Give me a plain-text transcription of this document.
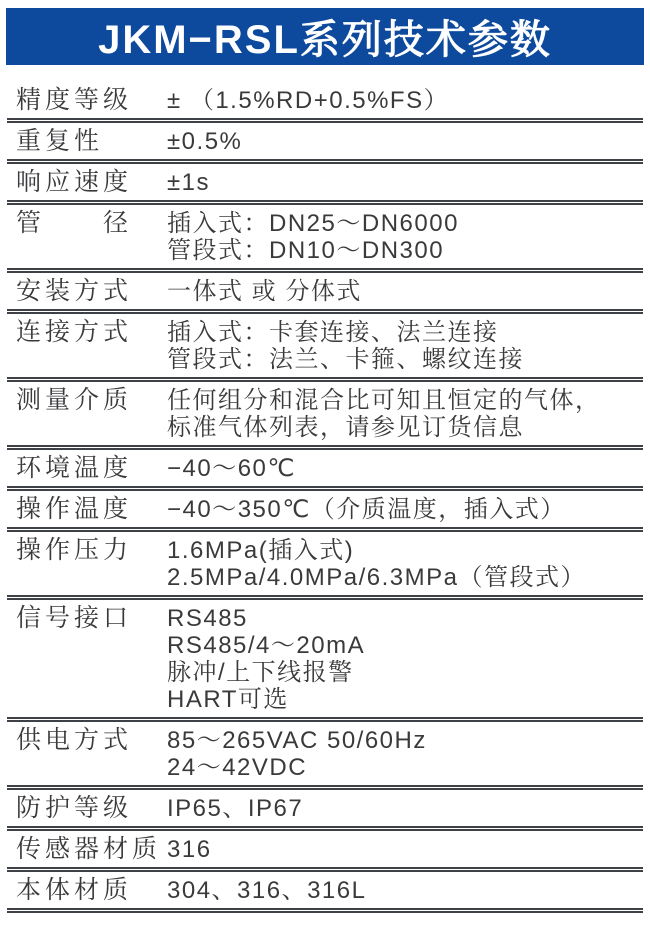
JKM−RSL系列技术参数
精度等级	± （1.5%RD+0.5%FS）
重复性	±0.5%
响应速度	±1s
管　　径	插入式：DN25～DN6000
管段式：DN10～DN300
安装方式	一体式 或 分体式
连接方式	插入式：卡套连接、法兰连接
管段式：法兰、卡箍、螺纹连接
测量介质	任何组分和混合比可知且恒定的气体，
标准气体列表，请参见订货信息
环境温度	−40～60℃
操作温度	−40～350℃（介质温度，插入式）
操作压力	1.6MPa(插入式)
2.5MPa/4.0MPa/6.3MPa（管段式）
信号接口	RS485
RS485/4～20mA
脉冲/上下线报警
HART可选
供电方式	85～265VAC 50/60Hz
24～42VDC
防护等级	IP65、IP67
传感器材质 316
本体材质	304、316、316L
